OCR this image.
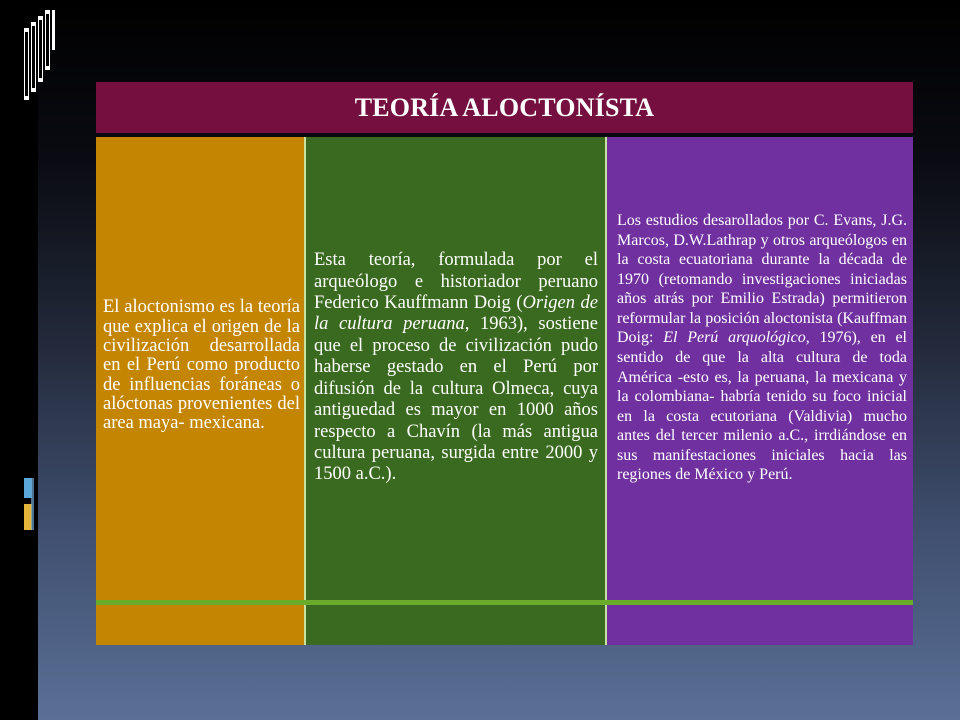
TEORÍA ALOCTONÍSTA

El aloctonismo es la teoría que explica el origen de la civilización desarrollada en el Perú como producto de influencias foráneas o alóctonas provenientes del area maya- mexicana.

Esta teoría, formulada por el arqueólogo e historiador peruano Federico Kauffmann Doig (Origen de la cultura peruana, 1963), sostiene que el proceso de civilización pudo haberse gestado en el Perú por difusión de la cultura Olmeca, cuya antiguedad es mayor en 1000 años respecto a Chavín (la más antigua cultura peruana, surgida entre 2000 y 1500 a.C.).

Los estudios desarollados por C. Evans, J.G. Marcos, D.W.Lathrap y otros arqueólogos en la costa ecuatoriana durante la década de 1970 (retomando investigaciones iniciadas años atrás por Emilio Estrada) permitieron reformular la posición aloctonista (Kauffman Doig: El Perú arquológico, 1976), en el sentido de que la alta cultura de toda América -esto es, la peruana, la mexicana y la colombiana- habría tenido su foco inicial en la costa ecutoriana (Valdivia) mucho antes del tercer milenio a.C., irrdiándose en sus manifestaciones iniciales hacia las regiones de México y Perú.
